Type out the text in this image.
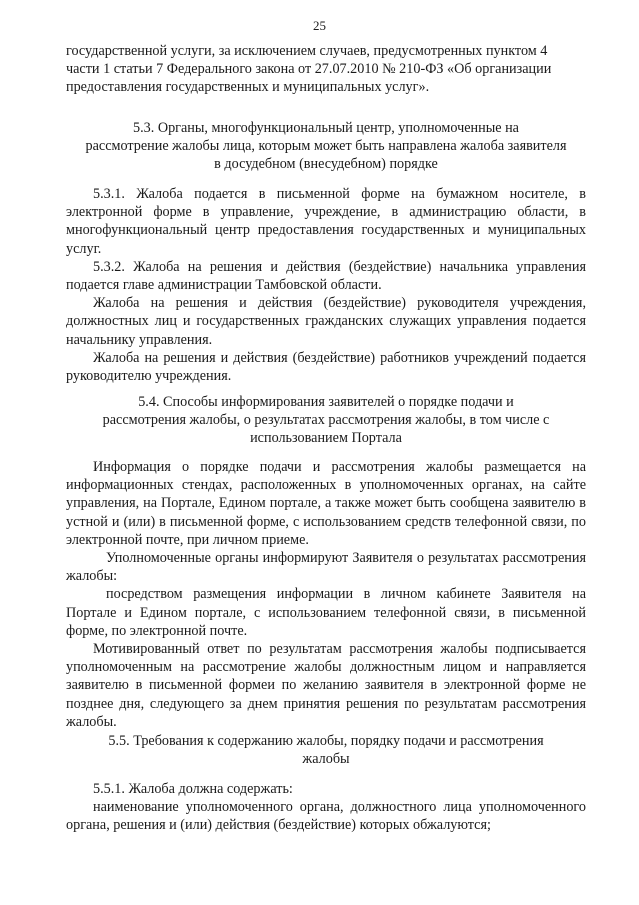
25

государственной услуги, за исключением случаев, предусмотренных пунктом 4

части 1 статьи 7 Федерального закона от 27.07.2010 № 210-ФЗ «Об организации

предоставления государственных и муниципальных услуг».

5.3. Органы, многофункциональный центр, уполномоченные на

рассмотрение жалобы лица, которым может быть направлена жалоба заявителя

в досудебном (внесудебном) порядке

5.3.1. Жалоба подается в письменной форме на бумажном носителе, в электронной форме в управление, учреждение, в администрацию области, в многофункциональный центр предоставления государственных и муниципальных услуг.

5.3.2. Жалоба на решения и действия (бездействие) начальника управления подается главе администрации Тамбовской области.

Жалоба на решения и действия (бездействие) руководителя учреждения, должностных лиц и государственных гражданских служащих управления подается начальнику управления.

Жалоба на решения и действия (бездействие) работников учреждений подается руководителю учреждения.

5.4. Способы информирования заявителей о порядке подачи и

рассмотрения жалобы, о результатах рассмотрения жалобы, в том числе с

использованием Портала

Информация о порядке подачи и рассмотрения жалобы размещается на информационных стендах, расположенных в уполномоченных органах, на сайте управления, на Портале, Едином портале, а также может быть сообщена заявителю в устной и (или) в письменной форме, с использованием средств телефонной связи, по электронной почте, при личном приеме.

Уполномоченные органы информируют Заявителя о результатах рассмотрения жалобы:

посредством размещения информации в личном кабинете Заявителя на Портале и Едином портале, с использованием телефонной связи, в письменной форме, по электронной почте.

Мотивированный ответ по результатам рассмотрения жалобы подписывается уполномоченным на рассмотрение жалобы должностным лицом и направляется заявителю в письменной формеи по желанию заявителя в электронной форме не позднее дня, следующего за днем принятия решения по результатам рассмотрения жалобы.

5.5. Требования к содержанию жалобы, порядку подачи и рассмотрения

жалобы

5.5.1. Жалоба должна содержать:

наименование уполномоченного органа, должностного лица уполномоченного органа, решения и (или) действия (бездействие) которых обжалуются;
